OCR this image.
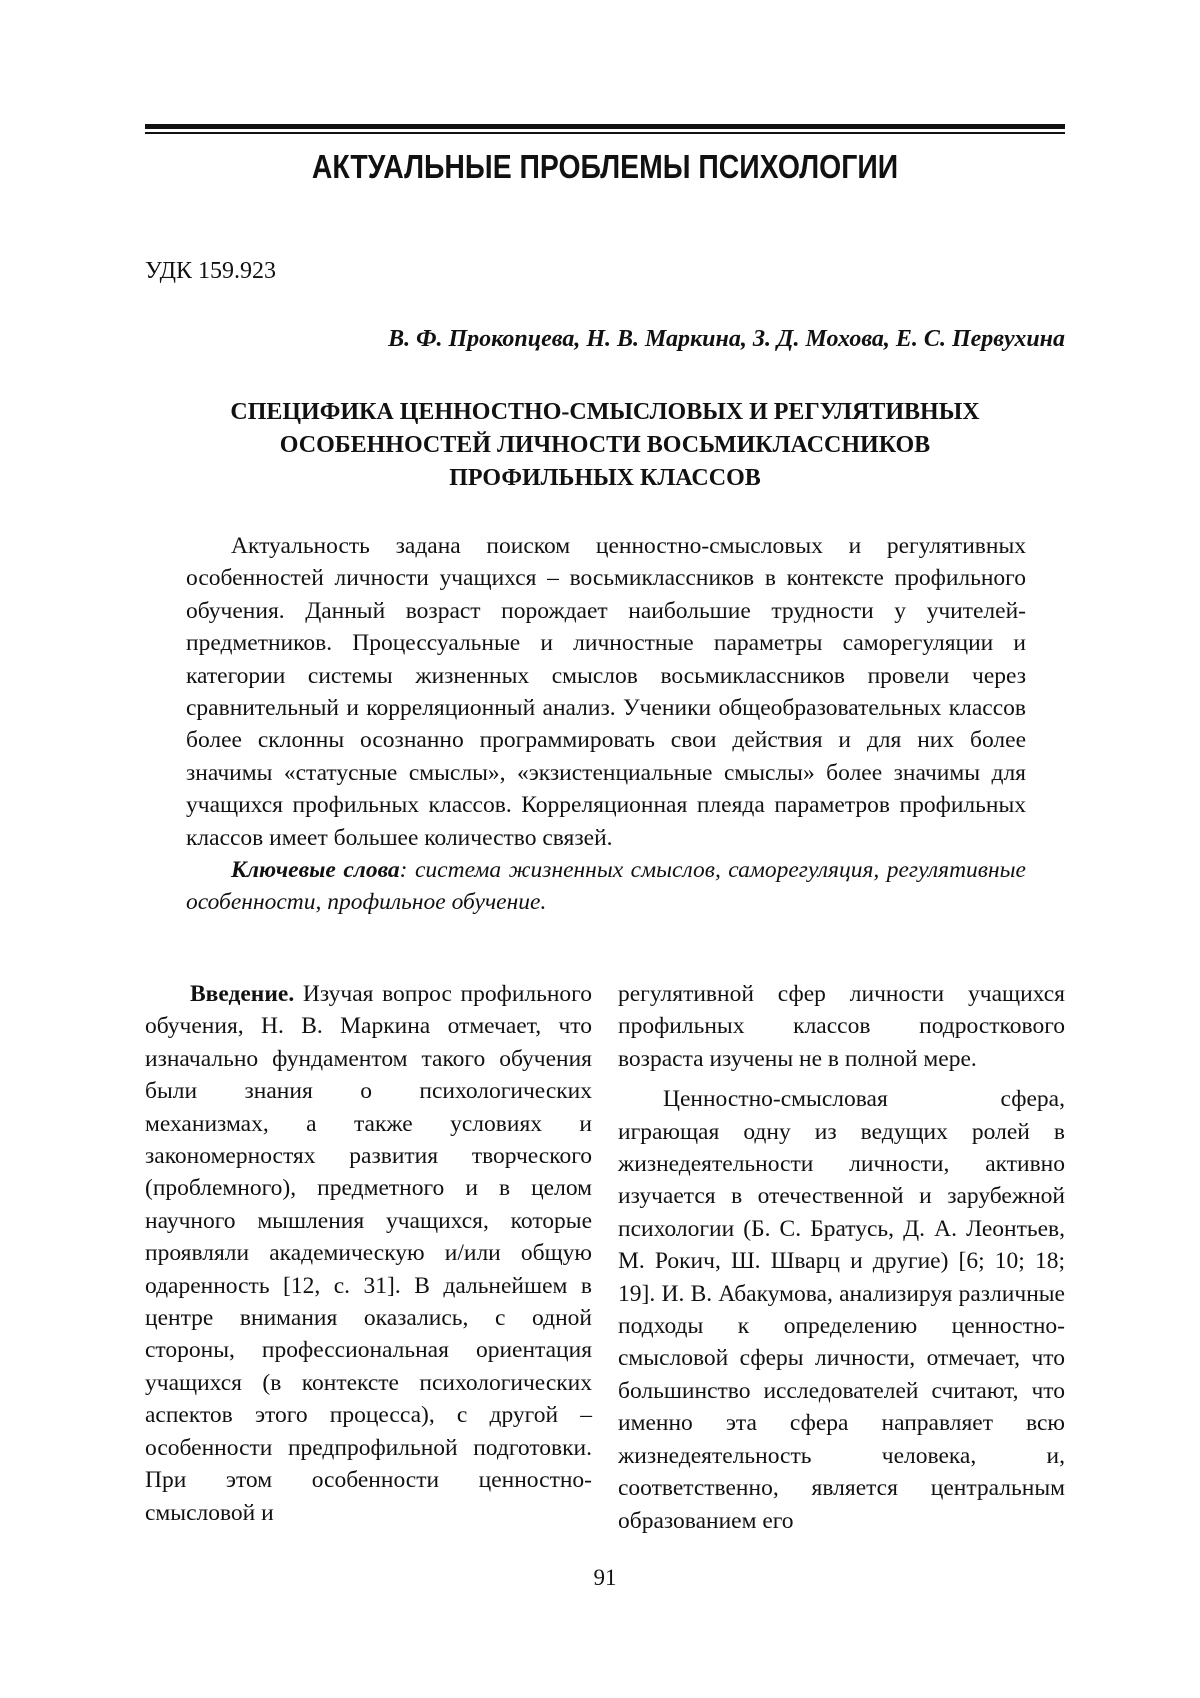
АКТУАЛЬНЫЕ ПРОБЛЕМЫ ПСИХОЛОГИИ
УДК 159.923
В. Ф. Прокопцева, Н. В. Маркина, З. Д. Мохова, Е. С. Первухина
СПЕЦИФИКА ЦЕННОСТНО-СМЫСЛОВЫХ И РЕГУЛЯТИВНЫХ
ОСОБЕННОСТЕЙ ЛИЧНОСТИ ВОСЬМИКЛАССНИКОВ
ПРОФИЛЬНЫХ КЛАССОВ

Актуальность задана поиском ценностно-смысловых и регулятивных особенностей личности учащихся – восьмиклассников в контексте профильного обучения. Данный возраст порождает наибольшие трудности у учителей-предметников. Процессуальные и личностные параметры саморегуляции и категории системы жизненных смыслов восьмиклассников провели через сравнительный и корреляционный анализ. Ученики общеобразовательных классов более склонны осознанно программировать свои действия и для них более значимы «статусные смыслы», «экзистенциальные смыслы» более значимы для учащихся профильных классов. Корреляционная плеяда параметров профильных классов имеет большее количество связей.

Ключевые слова: система жизненных смыслов, саморегуляция, регулятивные особенности, профильное обучение.

Введение. Изучая вопрос профильного обучения, Н. В. Маркина отмечает, что изначально фундаментом такого обучения были знания о психологических механизмах, а также условиях и закономерностях развития творческого (проблемного), предметного и в целом научного мышления учащихся, которые проявляли академическую и/или общую одаренность [12, с. 31]. В дальнейшем в центре внимания оказались, с одной стороны, профессиональная ориентация учащихся (в контексте психологических аспектов этого процесса), с другой – особенности предпрофильной подготовки. При этом особенности ценностно-смысловой и

регулятивной сфер личности учащихся профильных классов подросткового возраста изучены не в полной мере.

Ценностно-смысловая сфера, играющая одну из ведущих ролей в жизнедеятельности личности, активно изучается в отечественной и зарубежной психологии (Б. С. Братусь, Д. А. Леонтьев, М. Рокич, Ш. Шварц и другие) [6; 10; 18; 19]. И. В. Абакумова, анализируя различные подходы к определению ценностно-смысловой сферы личности, отмечает, что большинство исследователей считают, что именно эта сфера направляет всю жизнедеятельность человека, и, соответственно, является центральным образованием его

91
